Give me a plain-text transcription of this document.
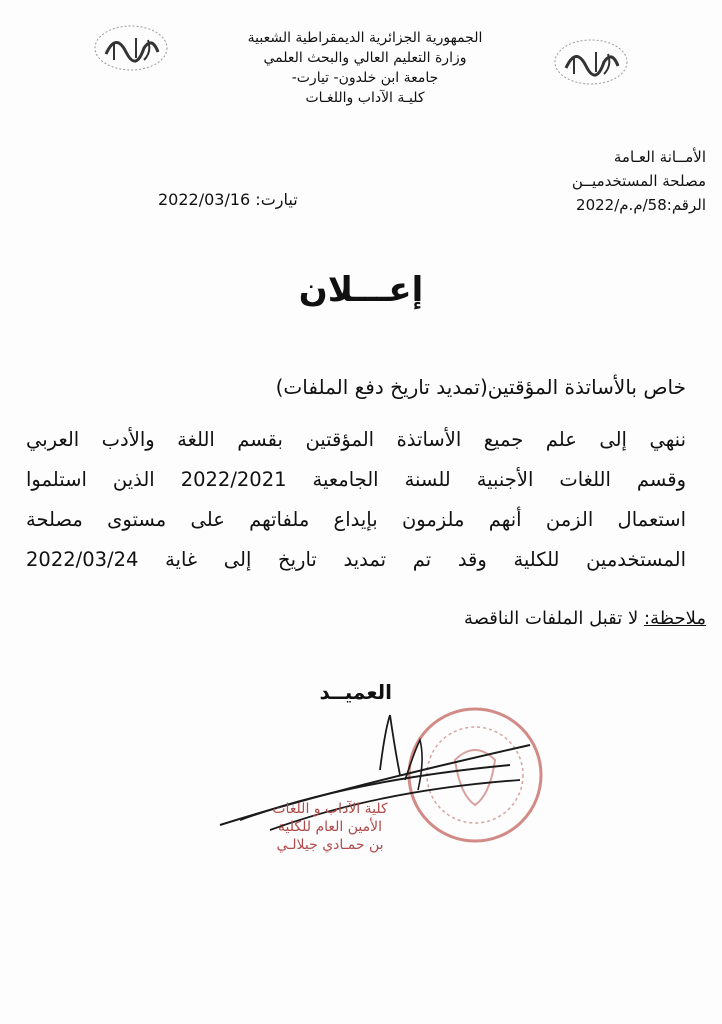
الجمهورية الجزائرية الديمقراطية الشعبية
وزارة التعليم العالي والبحث العلمي
جامعة ابن خلدون- تيارت-
كليـة الآداب واللغـات
الأمــانة العـامة
مصلحة المستخدميــن
الرقم:58/م.م/2022
تيارت: 2022/03/16
إعـــلان
خاص بالأساتذة المؤقتين(تمديد تاريخ دفع الملفات)
ننهي إلى علم جميع الأساتذة المؤقتين بقسم اللغة والأدب العربي
وقسم اللغات الأجنبية للسنة الجامعية 2022/2021 الذين استلموا
استعمال الزمن أنهم ملزمون بإيداع ملفاتهم على مستوى مصلحة
المستخدمين للكلية وقد تم تمديد تاريخ إلى غاية 2022/03/24
ملاحظة: لا تقبل الملفات الناقصة
العميــد
كلية الآداب و اللغات
الأمين العام للكلية
بن حمـادي جيلالـي
